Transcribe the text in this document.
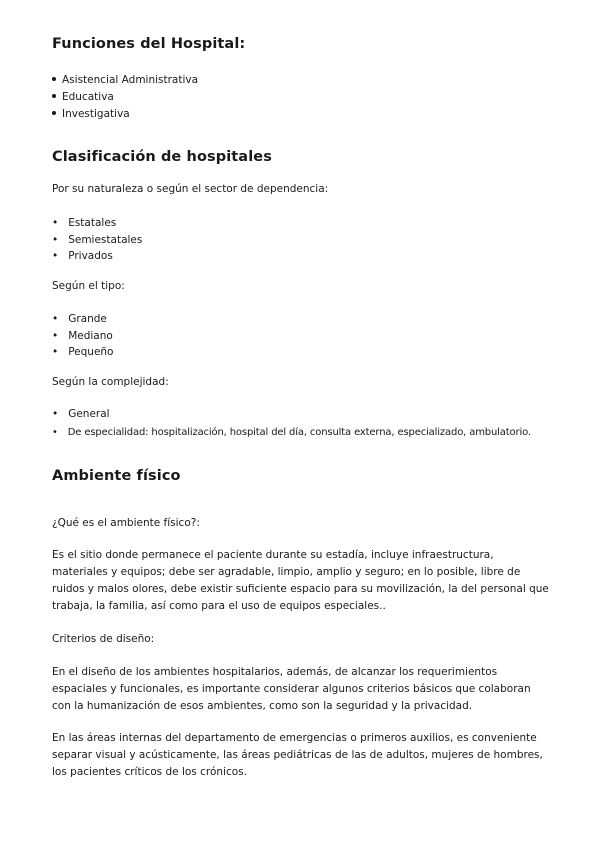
Funciones del Hospital:
Asistencial Administrativa
Educativa
Investigativa
Clasificación de hospitales

Por su naturaleza o según el sector de dependencia:

• Estatales
• Semiestatales
• Privados

Según el tipo:

• Grande
• Mediano
• Pequeño

Según la complejidad:

• General
• De especialidad: hospitalización, hospital del día, consulta externa, especializado, ambulatorio.
Ambiente físico

¿Qué es el ambiente físico?:

Es el sitio donde permanece el paciente durante su estadía, incluye infraestructura, materiales y equipos; debe ser agradable, limpio, amplio y seguro; en lo posible, libre de ruidos y malos olores, debe existir suficiente espacio para su movilización, la del personal que trabaja, la familia, así como para el uso de equipos especiales..

Criterios de diseño:

En el diseño de los ambientes hospitalarios, además, de alcanzar los requerimientos espaciales y funcionales, es importante considerar algunos criterios básicos que colaboran con la humanización de esos ambientes, como son la seguridad y la privacidad.

En las áreas internas del departamento de emergencias o primeros auxilios, es conveniente separar visual y acústicamente, las áreas pediátricas de las de adultos, mujeres de hombres, los pacientes críticos de los crónicos.
